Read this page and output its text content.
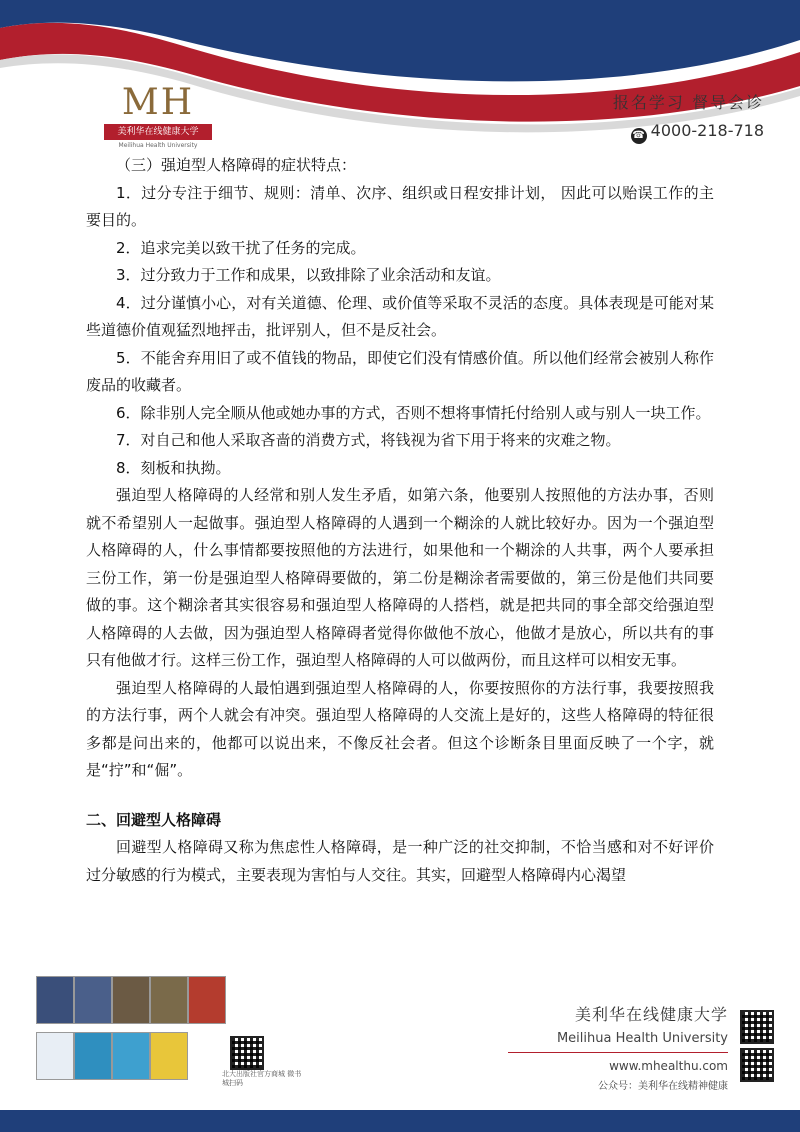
MH
美利华在线健康大学
Meilihua Health University
报名学习 督导会诊
☎ 4000-218-718

（三）强迫型人格障碍的症状特点：

1．过分专注于细节、规则：清单、次序、组织或日程安排计划， 因此可以贻误工作的主要目的。

2．追求完美以致干扰了任务的完成。

3．过分致力于工作和成果，以致排除了业余活动和友谊。

4．过分谨慎小心，对有关道德、伦理、或价值等采取不灵活的态度。具体表现是可能对某些道德价值观猛烈地抨击，批评别人，但不是反社会。

5．不能舍弃用旧了或不值钱的物品，即使它们没有情感价值。所以他们经常会被别人称作废品的收藏者。

6．除非别人完全顺从他或她办事的方式，否则不想将事情托付给别人或与别人一块工作。

7．对自己和他人采取吝啬的消费方式，将钱视为省下用于将来的灾难之物。

8．刻板和执拗。

强迫型人格障碍的人经常和别人发生矛盾，如第六条，他要别人按照他的方法办事，否则就不希望别人一起做事。强迫型人格障碍的人遇到一个糊涂的人就比较好办。因为一个强迫型人格障碍的人，什么事情都要按照他的方法进行，如果他和一个糊涂的人共事，两个人要承担三份工作，第一份是强迫型人格障碍要做的，第二份是糊涂者需要做的，第三份是他们共同要做的事。这个糊涂者其实很容易和强迫型人格障碍的人搭档，就是把共同的事全部交给强迫型人格障碍的人去做，因为强迫型人格障碍者觉得你做他不放心，他做才是放心，所以共有的事只有他做才行。这样三份工作，强迫型人格障碍的人可以做两份，而且这样可以相安无事。

强迫型人格障碍的人最怕遇到强迫型人格障碍的人，你要按照你的方法行事，我要按照我的方法行事，两个人就会有冲突。强迫型人格障碍的人交流上是好的，这些人格障碍的特征很多都是问出来的，他都可以说出来，不像反社会者。但这个诊断条目里面反映了一个字，就是“拧”和“倔”。

二、回避型人格障碍

回避型人格障碍又称为焦虑性人格障碍，是一种广泛的社交抑制，不恰当感和对不好评价过分敏感的行为模式，主要表现为害怕与人交往。其实，回避型人格障碍内心渴望

北大出版社官方商城 微书城扫码
美利华在线健康大学
Meilihua Health University
www.mhealthu.com
公众号：美利华在线精神健康
